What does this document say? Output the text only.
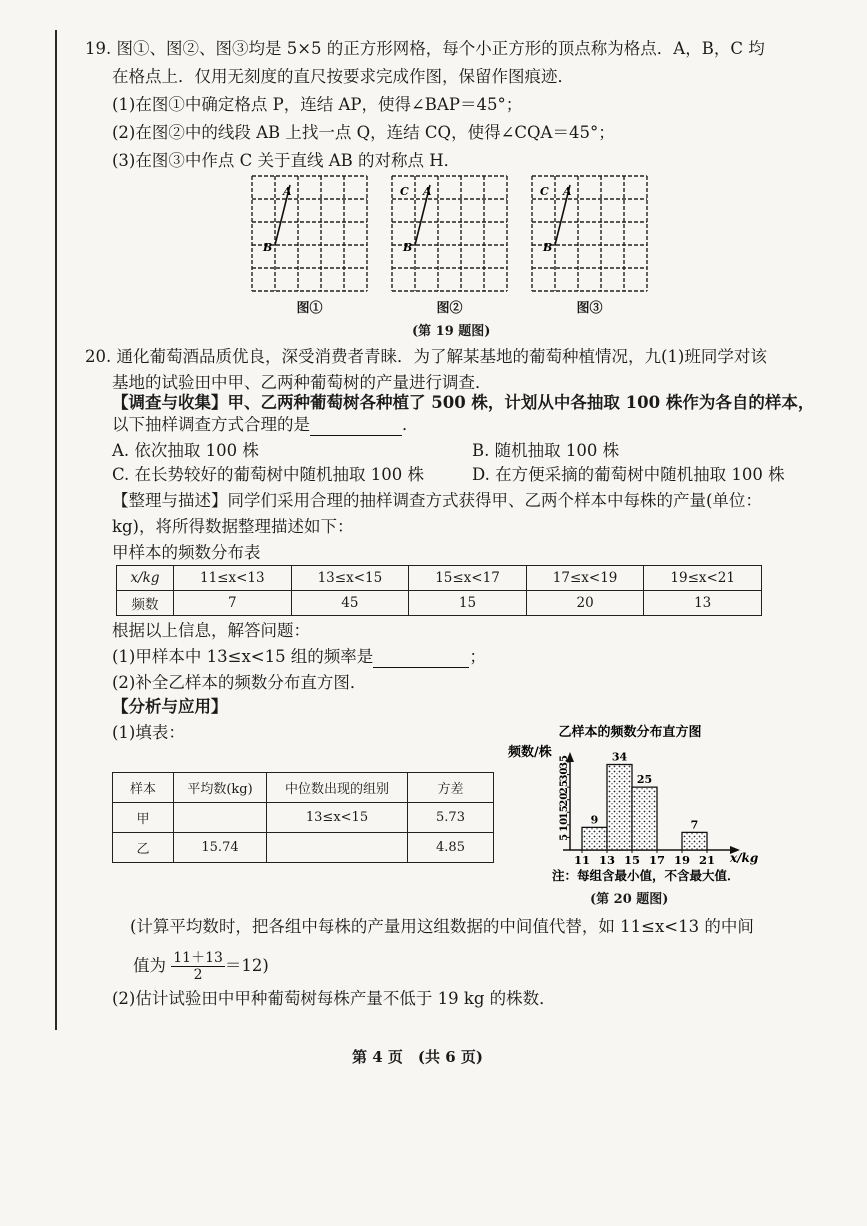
19. 图①、图②、图③均是 5×5 的正方形网格，每个小正方形的顶点称为格点．A，B，C 均
在格点上．仅用无刻度的直尺按要求完成作图，保留作图痕迹．
(1)在图①中确定格点 P，连结 AP，使得∠BAP＝45°；
(2)在图②中的线段 AB 上找一点 Q，连结 CQ，使得∠CQA＝45°；
(3)在图③中作点 C 关于直线 AB 的对称点 H．
A
B
图①
C A
B
图②
C A
B
图③
(第 19 题图)
20. 通化葡萄酒品质优良，深受消费者青睐．为了解某基地的葡萄种植情况，九(1)班同学对该
基地的试验田中甲、乙两种葡萄树的产量进行调查．
【调查与收集】甲、乙两种葡萄树各种植了 500 株，计划从中各抽取 100 株作为各自的样本，
以下抽样调查方式合理的是	．
A. 依次抽取 100 株	B. 随机抽取 100 株
C. 在长势较好的葡萄树中随机抽取 100 株	D. 在方便采摘的葡萄树中随机抽取 100 株
【整理与描述】同学们采用合理的抽样调查方式获得甲、乙两个样本中每株的产量(单位：
kg)，将所得数据整理描述如下：
甲样本的频数分布表
x/kg	11≤x<13	13≤x<15	15≤x<17	17≤x<19	19≤x<21
频数	7	45	15	20	13
根据以上信息，解答问题：
(1)甲样本中 13≤x<15 组的频率是	；
(2)补全乙样本的频数分布直方图．
【分析与应用】
(1)填表：
样本	平均数(kg)	中位数出现的组别	方差
甲		13≤x<15	5.73
乙	15.74		4.85
乙样本的频数分布直方图
频数/株
x/kg
5
10
15
20
25
30
35
9
34
25
7
11 13 15 17 19 21
注：每组含最小值，不含最大值．
(第 20 题图)
(计算平均数时，把各组中每株的产量用这组数据的中间值代替，如 11≤x<13 的中间
值为 $\frac{11+13}{2} =12$)
(2)估计试验田中甲种葡萄树每株产量不低于 19 kg 的株数．
第 4 页　(共 6 页)
